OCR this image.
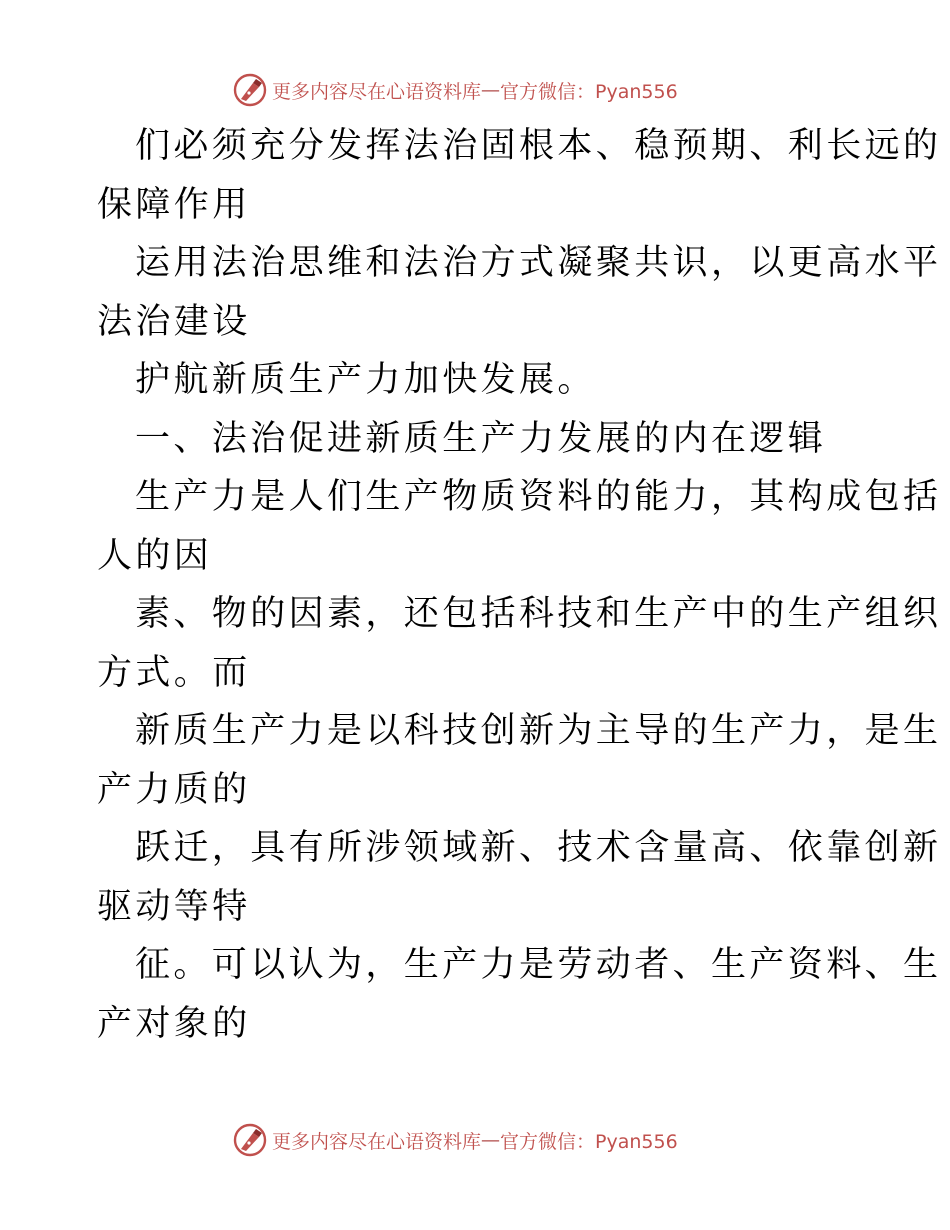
更多内容尽在心语资料库 — 官方微信：Pyan556
们必须充分发挥法治固根本、稳预期、利长远的
保障作用
运用法治思维和法治方式凝聚共识，以更高水平
法治建设
护航新质生产力加快发展。
一、法治促进新质生产力发展的内在逻辑
生产力是人们生产物质资料的能力，其构成包括
人的因
素、物的因素，还包括科技和生产中的生产组织
方式。而
新质生产力是以科技创新为主导的生产力，是生
产力质的
跃迁，具有所涉领域新、技术含量高、依靠创新
驱动等特
征。可以认为，生产力是劳动者、生产资料、生
产对象的
更多内容尽在心语资料库 — 官方微信：Pyan556
